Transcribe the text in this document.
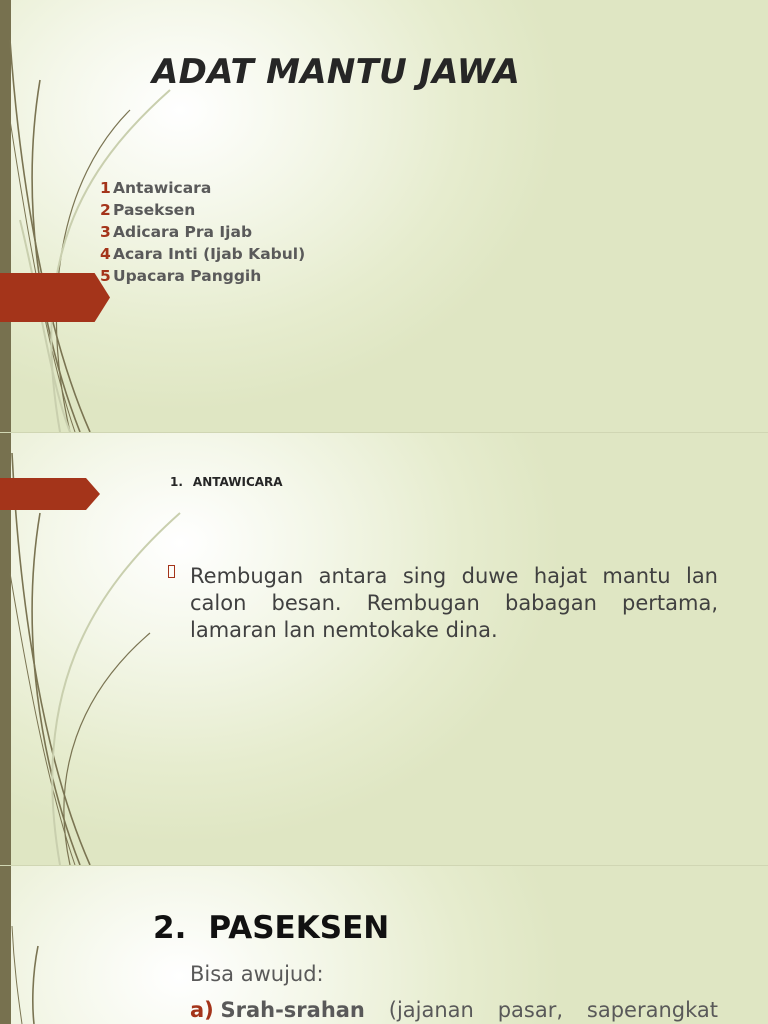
ADAT MANTU JAWA
1 Antawicara
2 Paseksen
3 Adicara Pra Ijab
4 Acara Inti (Ijab Kabul)
5 Upacara Panggih
1. ANTAWICARA

Rembugan antara sing duwe hajat mantu lan calon besan. Rembugan babagan pertama, lamaran lan nemtokake dina.

2. PASEKSEN
Bisa awujud:
a) Srah-srahan (jajanan pasar, saperangkat
